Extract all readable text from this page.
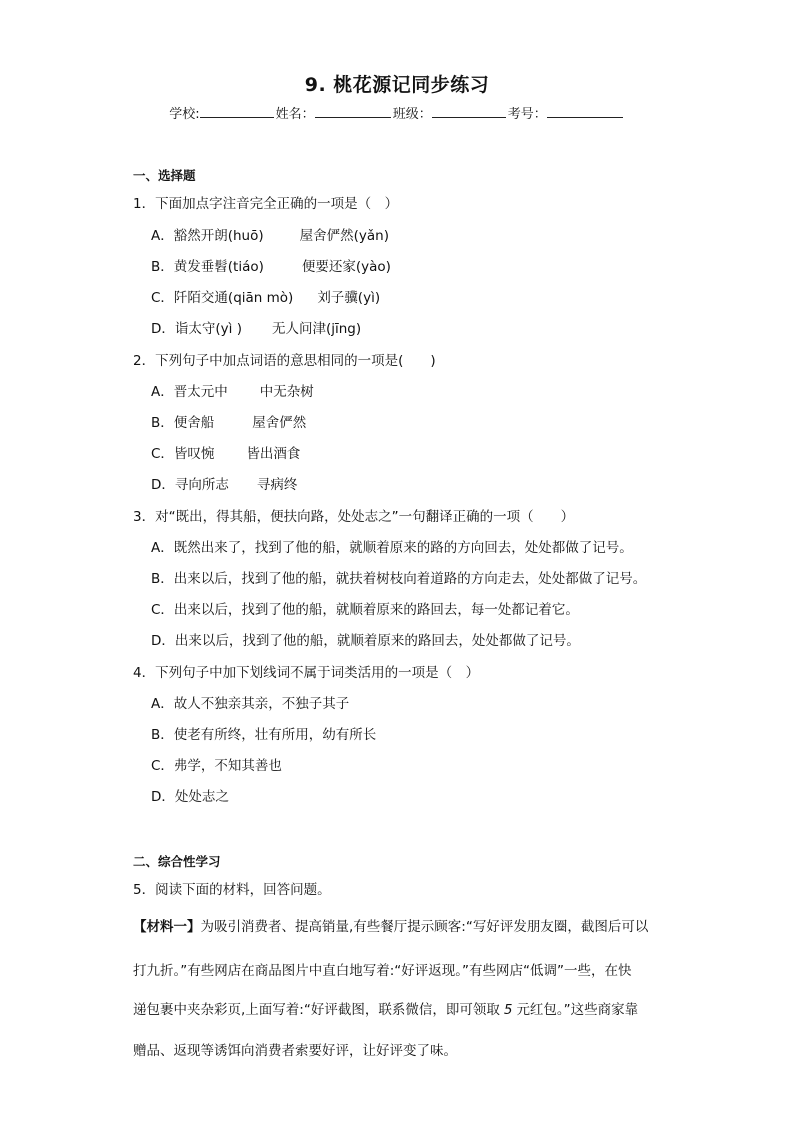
9. 桃花源记同步练习
学校:	姓名：	班级：	考号：
一、选择题
1．下面加点字注音完全正确的一项是（　）
A．豁然开朗(huō)	屋舍俨然(yǎn)
B．黄发垂髫(tiáo)	便要还家(yào)
C．阡陌交通(qiān mò) 刘子骥(yì)
D．诣太守(yì ) 无人问津(jīng)
2．下列句子中加点词语的意思相同的一项是(　　)
A．晋太元中 中无杂树
B．便舍船	屋舍俨然
C．皆叹惋 皆出酒食
D．寻向所志 寻病终
3．对“既出，得其船，便扶向路，处处志之”一句翻译正确的一项（　　）
A．既然出来了，找到了他的船，就顺着原来的路的方向回去，处处都做了记号。
B．出来以后，找到了他的船，就扶着树枝向着道路的方向走去，处处都做了记号。
C．出来以后，找到了他的船，就顺着原来的路回去，每一处都记着它。
D．出来以后，找到了他的船，就顺着原来的路回去，处处都做了记号。
4．下列句子中加下划线词不属于词类活用的一项是（　）
A．故人不独亲其亲，不独子其子
B．使老有所终，壮有所用，幼有所长
C．弗学，不知其善也
D．处处志之
二、综合性学习
5．阅读下面的材料，回答问题。
【材料一】为吸引消费者、提高销量,有些餐厅提示顾客:“写好评发朋友圈，截图后可以
打九折。”有些网店在商品图片中直白地写着:“好评返现。”有些网店“低调”一些，在快
递包裹中夹杂彩页,上面写着:“好评截图，联系微信，即可领取 5 元红包。”这些商家靠
赠品、返现等诱饵向消费者索要好评，让好评变了味。
